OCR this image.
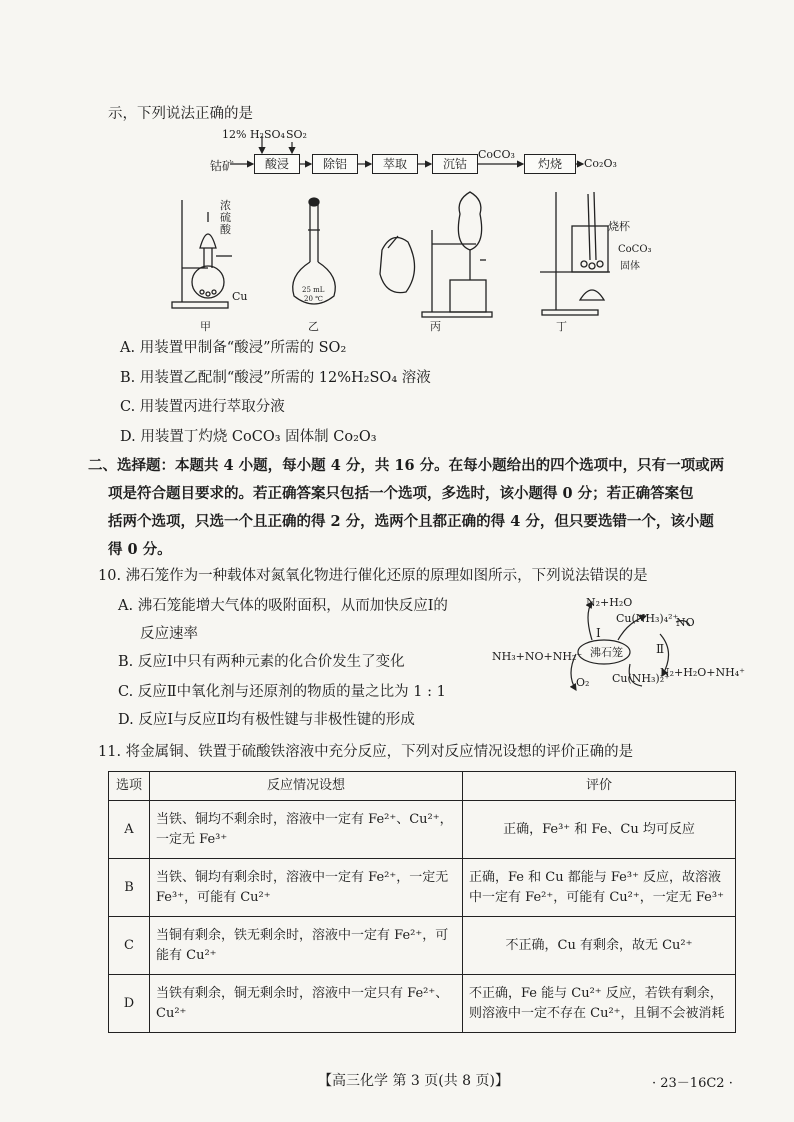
示，下列说法正确的是
12% H₂SO₄ SO₂
钴矿	酸浸	除铝	萃取	沉钴	灼烧
CoCO₃
Co₂O₃
浓
硫
酸
Cu	25 mL
20 ℃
烧杯
CoCO₃
固体
甲	乙	丙	丁
A. 用装置甲制备“酸浸”所需的 SO₂
B. 用装置乙配制“酸浸”所需的 12%H₂SO₄ 溶液
C. 用装置丙进行萃取分液
D. 用装置丁灼烧 CoCO₃ 固体制 Co₂O₃
二、选择题：本题共 4 小题，每小题 4 分，共 16 分。在每小题给出的四个选项中，只有一项或两
项是符合题目要求的。若正确答案只包括一个选项，多选时，该小题得 0 分；若正确答案包
括两个选项，只选一个且正确的得 2 分，选两个且都正确的得 4 分，但只要选错一个，该小题
得 0 分。
10. 沸石笼作为一种载体对氮氧化物进行催化还原的原理如图所示，下列说法错误的是
A. 沸石笼能增大气体的吸附面积，从而加快反应Ⅰ的
反应速率
B. 反应Ⅰ中只有两种元素的化合价发生了变化
C. 反应Ⅱ中氧化剂与还原剂的物质的量之比为 1 : 1
D. 反应Ⅰ与反应Ⅱ均有极性键与非极性键的形成
N₂+H₂O
Cu(NH₃)₄²⁺
NO
Ⅰ
Ⅱ
沸石笼
NH₃+NO+NH₂⁻
N₂+H₂O+NH₄⁺
O₂ Cu(NH₃)₂⁺
11. 将金属铜、铁置于硫酸铁溶液中充分反应，下列对反应情况设想的评价正确的是
选项	反应情况设想	评价
A	当铁、铜均不剩余时，溶液中一定有 Fe²⁺、Cu²⁺，一定无 Fe³⁺	正确，Fe³⁺ 和 Fe、Cu 均可反应
B	当铁、铜均有剩余时，溶液中一定有 Fe²⁺，一定无 Fe³⁺，可能有 Cu²⁺	正确，Fe 和 Cu 都能与 Fe³⁺ 反应，故溶液中一定有 Fe²⁺，可能有 Cu²⁺，一定无 Fe³⁺
C	当铜有剩余，铁无剩余时，溶液中一定有 Fe²⁺，可能有 Cu²⁺	不正确，Cu 有剩余，故无 Cu²⁺
D	当铁有剩余，铜无剩余时，溶液中一定只有 Fe²⁺、Cu²⁺	不正确，Fe 能与 Cu²⁺ 反应，若铁有剩余，则溶液中一定不存在 Cu²⁺，且铜不会被消耗
【高三化学 第 3 页(共 8 页)】	· 23－16C2 ·
